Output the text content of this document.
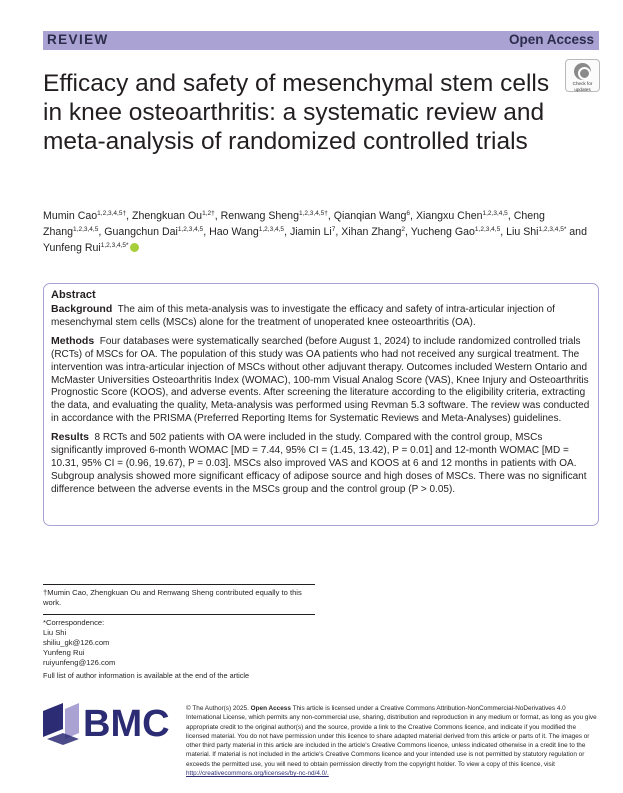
REVIEW	Open Access
Efficacy and safety of mesenchymal stem cells in knee osteoarthritis: a systematic review and meta-analysis of randomized controlled trials
Check for
updates
Mumin Cao$^{1,2,3,4,5\dagger}$, Zhengkuan $Ou^{1,2\dagger}$, Renwang Sheng$^{1,2,3,4,5\dagger}$, Qianqian Wang$^6$, Xiangxu Chen$^{1,2,3,4,5}$, Cheng Zhang$^{1,2,3,4,5}$, Guangchun Dai$^{1,2,3,4,5}$, Hao Wang$^{1,2,3,4,5}$, Jiamin Li$^7$, Xihan Zhang$^2$, Yucheng Gao$^{1,2,3,4,5}$, Liu Shi$^{1,2,3,4,5*}$ and Yunfeng Rui$^{1,2,3,4,5*}$
Abstract

Background The aim of this meta-analysis was to investigate the efficacy and safety of intra-articular injection of mesenchymal stem cells (MSCs) alone for the treatment of unoperated knee osteoarthritis (OA).

Methods Four databases were systematically searched (before August 1, 2024) to include randomized controlled trials (RCTs) of MSCs for OA. The population of this study was OA patients who had not received any surgical treatment. The intervention was intra-articular injection of MSCs without other adjuvant therapy. Outcomes included Western Ontario and McMaster Universities Osteoarthritis Index (WOMAC), 100-mm Visual Analog Score (VAS), Knee Injury and Osteoarthritis Prognostic Score (KOOS), and adverse events. After screening the literature according to the eligibility criteria, extracting the data, and evaluating the quality, Meta-analysis was performed using Revman 5.3 software. The review was conducted in accordance with the PRISMA (Preferred Reporting Items for Systematic Reviews and Meta-Analyses) guidelines.

Results 8 RCTs and 502 patients with OA were included in the study. Compared with the control group, MSCs significantly improved 6-month WOMAC [MD = 7.44, 95% CI = (1.45, 13.42), P = 0.01] and 12-month WOMAC [MD = 10.31, 95% CI = (0.96, 19.67), P = 0.03]. MSCs also improved VAS and KOOS at 6 and 12 months in patients with OA. Subgroup analysis showed more significant efficacy of adipose source and high doses of MSCs. There was no significant difference between the adverse events in the MSCs group and the control group (P > 0.05).

†Mumin Cao, Zhengkuan Ou and Renwang Sheng contributed equally to this work.
*Correspondence:
Liu Shi
shiliu_gk@126.com
Yunfeng Rui
ruiyunfeng@126.com
Full list of author information is available at the end of the article
BMC	© The Author(s) 2025. Open Access This article is licensed under a Creative Commons Attribution-NonCommercial-NoDerivatives 4.0 International License, which permits any non-commercial use, sharing, distribution and reproduction in any medium or format, as long as you give appropriate credit to the original author(s) and the source, provide a link to the Creative Commons licence, and indicate if you modified the licensed material. You do not have permission under this licence to share adapted material derived from this article or parts of it. The images or other third party material in this article are included in the article's Creative Commons licence, unless indicated otherwise in a credit line to the material. If material is not included in the article's Creative Commons licence and your intended use is not permitted by statutory regulation or exceeds the permitted use, you will need to obtain permission directly from the copyright holder. To view a copy of this licence, visit http://creativecommons.org/licenses/by-nc-nd/4.0/.
